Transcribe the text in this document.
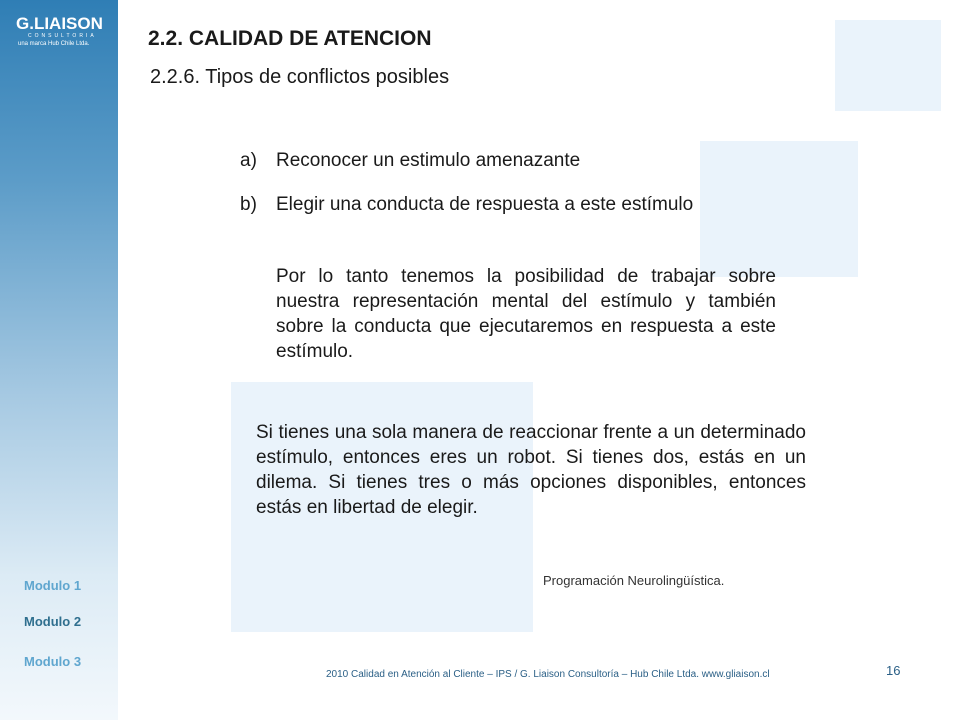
G.LIAISON
CONSULTORIA
una marca Hub Chile Ltda.
Modulo 1
Modulo 2
Modulo 3
2.2. CALIDAD DE ATENCION
2.2.6. Tipos de conflictos posibles
a) Reconocer un estimulo amenazante
b) Elegir una conducta de respuesta a este estímulo
Por lo tanto tenemos la posibilidad de trabajar sobre nuestra representación mental del estímulo y también sobre la conducta que ejecutaremos en respuesta a este estímulo.
Si tienes una sola manera de reaccionar frente a un determinado estímulo, entonces eres un robot. Si tienes dos, estás en un dilema. Si tienes tres o más opciones disponibles, entonces estás en libertad de elegir.
Programación Neurolingüística.
2010 Calidad en Atención al Cliente – IPS / G. Liaison Consultoría – Hub Chile Ltda. www.gliaison.cl	16
